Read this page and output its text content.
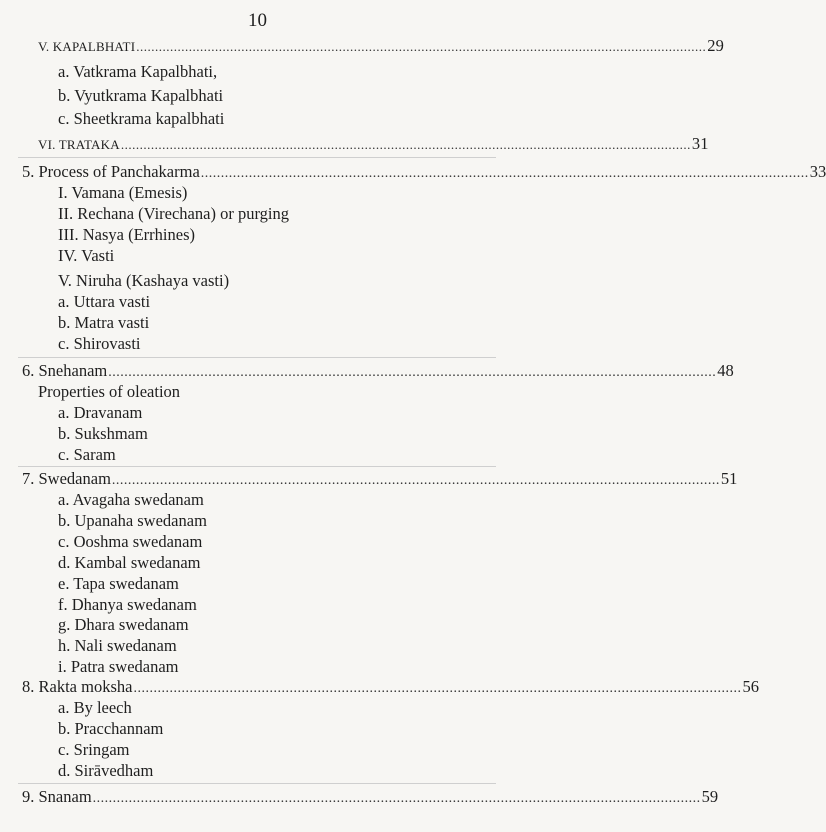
10
V. KAPALBHATI ........................................................................................................................................................ 29
a. Vatkrama Kapalbhati,
b. Vyutkrama Kapalbhati
c. Sheetkrama kapalbhati
VI. TRATAKA ........................................................................................................................................................ 31
5. Process of Panchakarma ........................................................................................................................................................ 33
I. Vamana (Emesis)
II. Rechana (Virechana) or purging
III. Nasya (Errhines)
IV. Vasti
V. Niruha (Kashaya vasti)
a. Uttara vasti
b. Matra vasti
c. Shirovasti
6. Snehanam ........................................................................................................................................................ 48
Properties of oleation
a. Dravanam
b. Sukshmam
c. Saram
7. Swedanam ........................................................................................................................................................ 51
a. Avagaha swedanam
b. Upanaha swedanam
c. Ooshma swedanam
d. Kambal swedanam
e. Tapa swedanam
f. Dhanya swedanam
g. Dhara swedanam
h. Nali swedanam
i. Patra swedanam
8. Rakta moksha ........................................................................................................................................................ 56
a. By leech
b. Pracchannam
c. Sringam
d. Sirāvedham
9. Snanam ........................................................................................................................................................ 59
